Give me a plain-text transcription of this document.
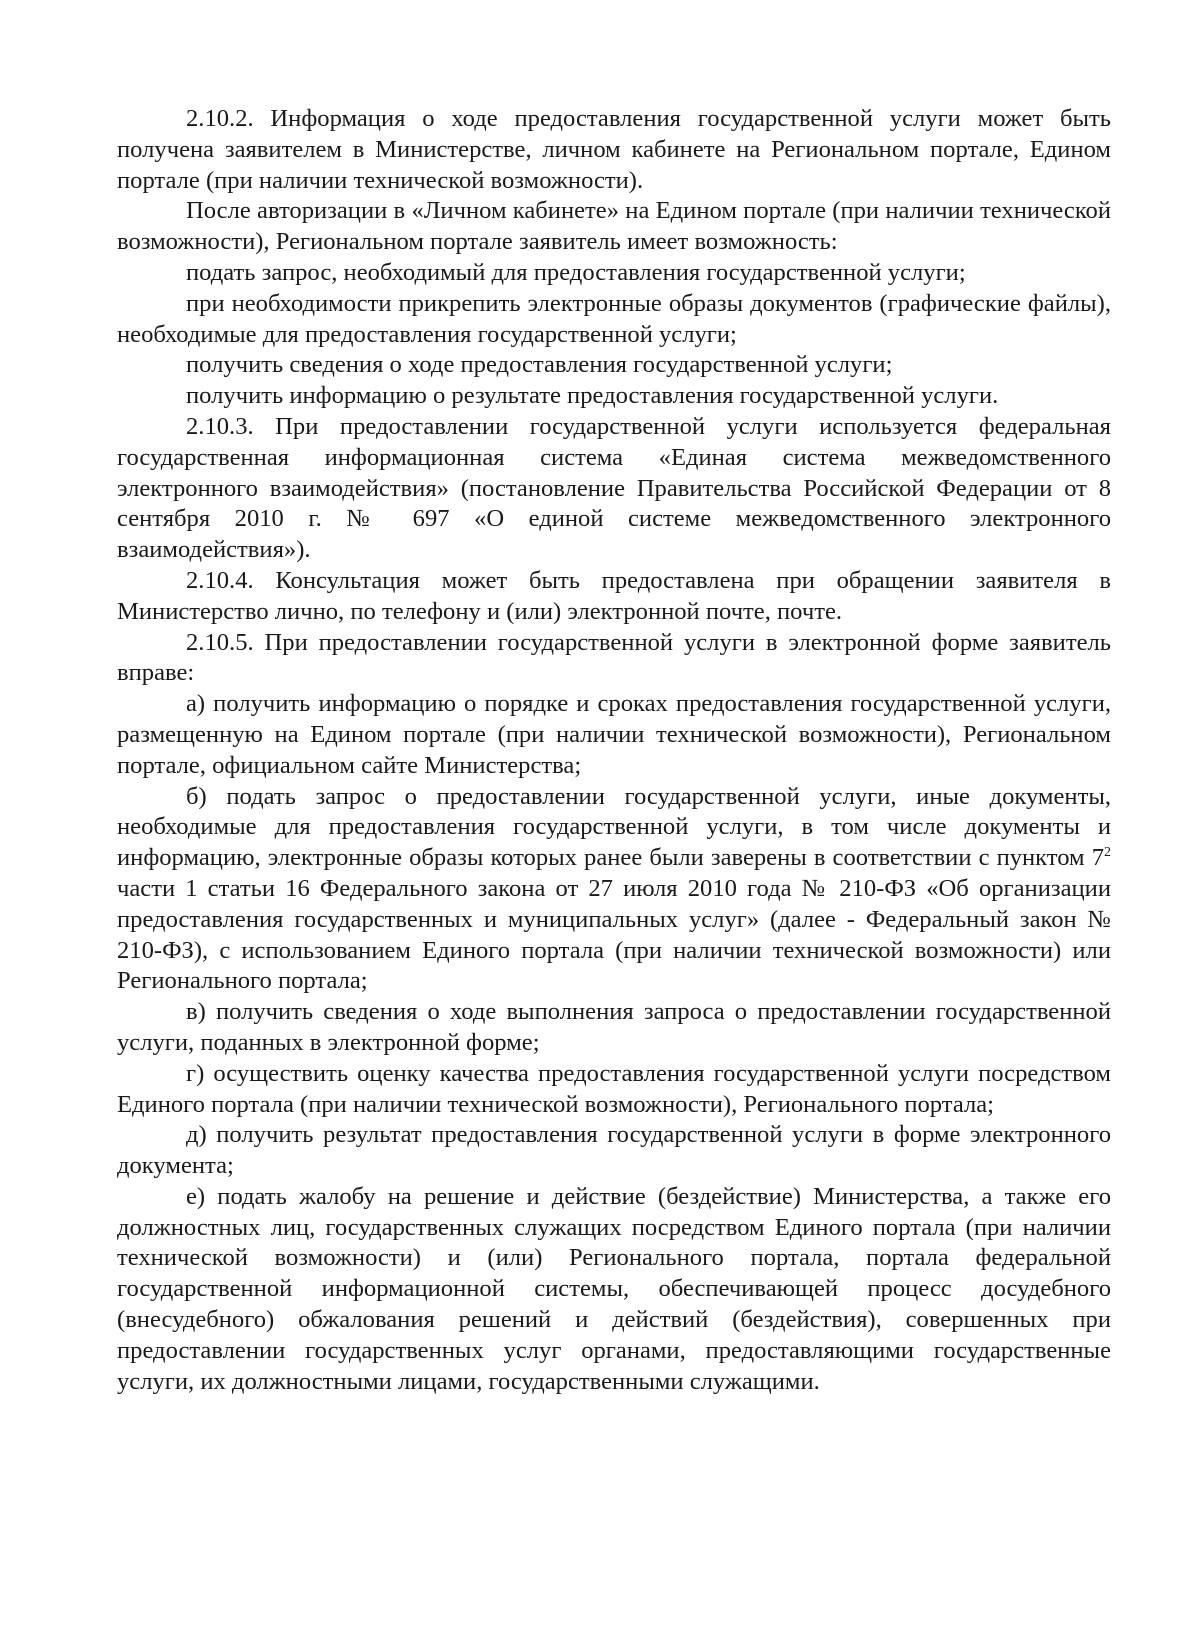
2.10.2. Информация о ходе предоставления государственной услуги может быть получена заявителем в Министерстве, личном кабинете на Региональном портале, Едином портале (при наличии технической возможности).

После авторизации в «Личном кабинете» на Едином портале (при наличии технической возможности), Региональном портале заявитель имеет возможность:

подать запрос, необходимый для предоставления государственной услуги;

при необходимости прикрепить электронные образы документов (графические файлы), необходимые для предоставления государственной услуги;

получить сведения о ходе предоставления государственной услуги;

получить информацию о результате предоставления государственной услуги.

2.10.3. При предоставлении государственной услуги используется федеральная государственная информационная система «Единая система межведомственного электронного взаимодействия» (постановление Правительства Российской Федерации от 8 сентября 2010 г. № 697 «О единой системе межведомственного электронного взаимодействия»).

2.10.4. Консультация может быть предоставлена при обращении заявителя в Министерство лично, по телефону и (или) электронной почте, почте.

2.10.5. При предоставлении государственной услуги в электронной форме заявитель вправе:

а) получить информацию о порядке и сроках предоставления государственной услуги, размещенную на Едином портале (при наличии технической возможности), Региональном портале, официальном сайте Министерства;

б) подать запрос о предоставлении государственной услуги, иные документы, необходимые для предоставления государственной услуги, в том числе документы и информацию, электронные образы которых ранее были заверены в соответствии с пунктом $7^2$ части 1 статьи 16 Федерального закона от 27 июля 2010 года № 210-ФЗ «Об организации предоставления государственных и муниципальных услуг» (далее - Федеральный закон № 210-ФЗ), с использованием Единого портала (при наличии технической возможности) или Регионального портала;

в) получить сведения о ходе выполнения запроса о предоставлении государственной услуги, поданных в электронной форме;

г) осуществить оценку качества предоставления государственной услуги посредством Единого портала (при наличии технической возможности), Регионального портала;

д) получить результат предоставления государственной услуги в форме электронного документа;

е) подать жалобу на решение и действие (бездействие) Министерства, а также его должностных лиц, государственных служащих посредством Единого портала (при наличии технической возможности) и (или) Регионального портала, портала федеральной государственной информационной системы, обеспечивающей процесс досудебного (внесудебного) обжалования решений и действий (бездействия), совершенных при предоставлении государственных услуг органами, предоставляющими государственные услуги, их должностными лицами, государственными служащими.
